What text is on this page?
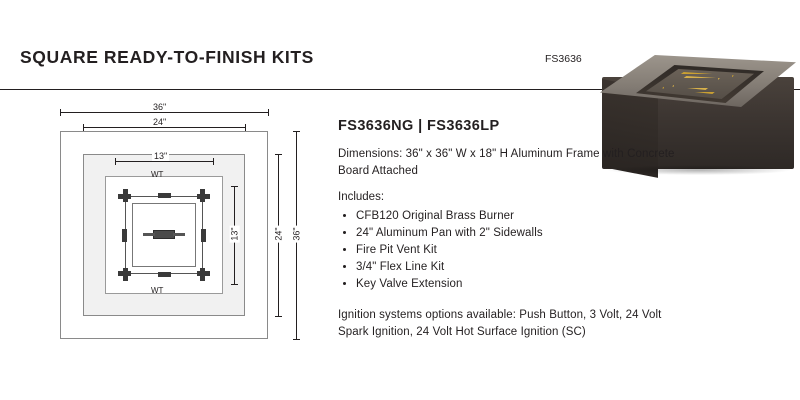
SQUARE READY-TO-FINISH KITS	FS3636
36"
24"
WT
WT
13"
13"	24" 36"

FS3636NG | FS3636LP

Dimensions: 36" x 36" W x 18" H Aluminum Frame with Concrete Board Attached

Includes:

• CFB120 Original Brass Burner
• 24" Aluminum Pan with 2" Sidewalls
• Fire Pit Vent Kit
• 3/4" Flex Line Kit
• Key Valve Extension

Ignition systems options available: Push Button, 3 Volt, 24 Volt Spark Ignition, 24 Volt Hot Surface Ignition (SC)
